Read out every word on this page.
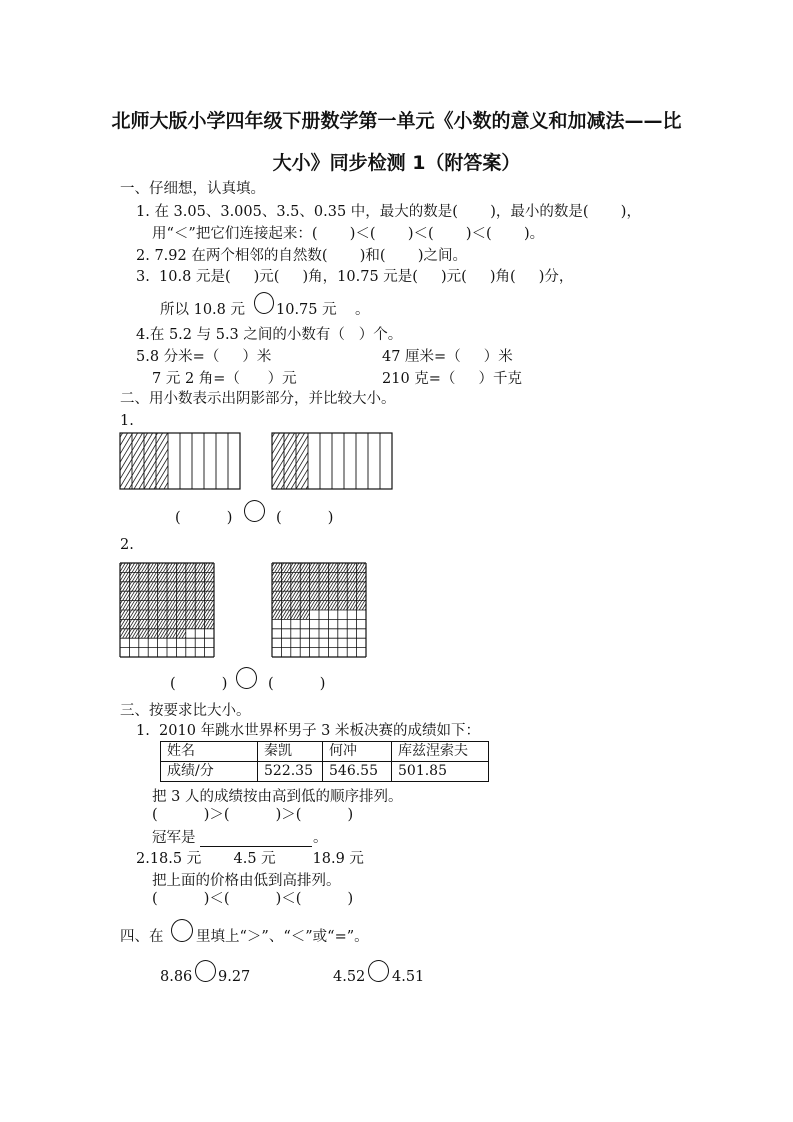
北师大版小学四年级下册数学第一单元《小数的意义和加减法——比
大小》同步检测 1（附答案）
一、仔细想，认真填。
1. 在 3.05、3.005、3.5、0.35 中，最大的数是(       )，最小的数是(       )，
用“＜”把它们连接起来：(       )＜(       )＜(       )＜(       )。
2. 7.92 在两个相邻的自然数(       )和(       )之间。
3.  10.8 元是(     )元(     )角，10.75 元是(     )元(     )角(     )分，
所以 10.8 元 10.75 元    。
4.在 5.2 与 5.3 之间的小数有（   ）个。
5.8 分米=（     ）米	47 厘米=（     ）米
7 元 2 角=（      ）元	210 克=（     ）千克
二、用小数表示出阴影部分，并比较大小。
1.
(          )	(          )
2.
(          )	(          )
三、按要求比大小。
1.  2010 年跳水世界杯男子 3 米板决赛的成绩如下：
姓名	秦凯	何冲	库兹涅索夫
成绩/分	522.35	546.55	501.85
把 3 人的成绩按由高到低的顺序排列。
(          )＞(          )＞(          )
冠军是	。
2.18.5 元       4.5 元        18.9 元
把上面的价格由低到高排列。
(          )＜(          )＜(          )
四、在 里填上“＞”、“＜”或“=”。
8.86 9.27	4.52 4.51
